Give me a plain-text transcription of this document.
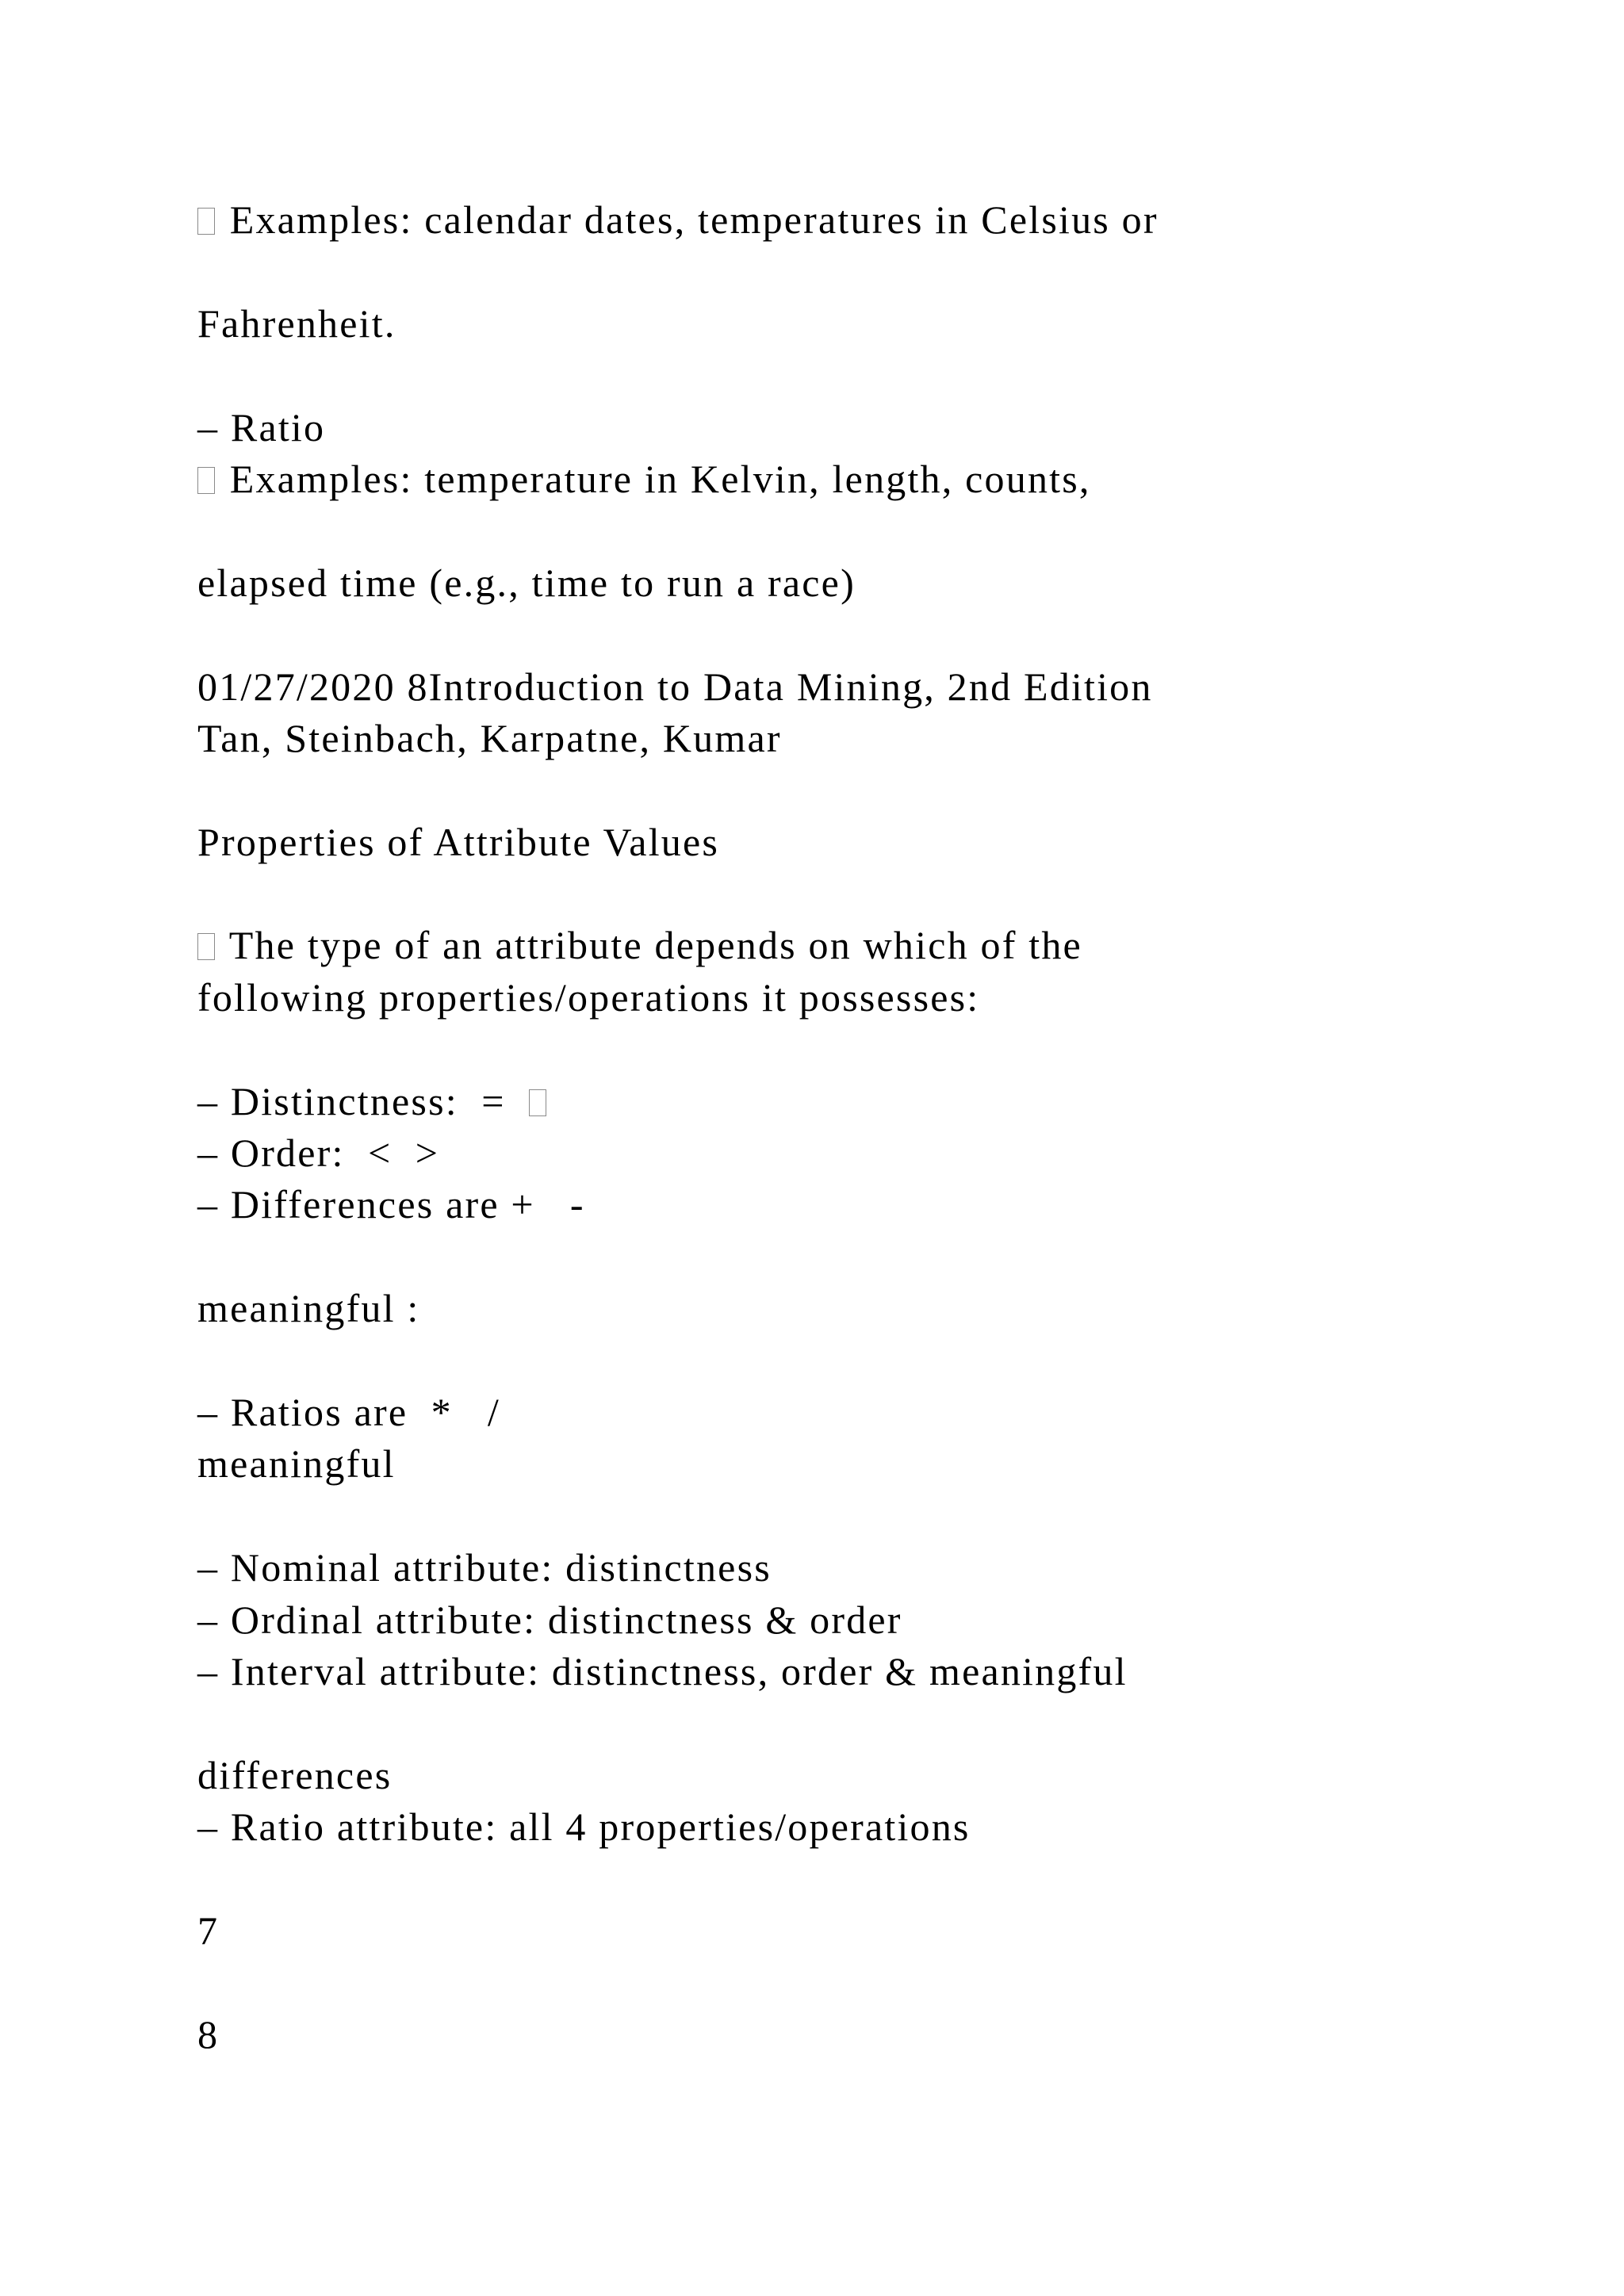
Examples: calendar dates, temperatures in Celsius or
Fahrenheit.
– Ratio
Examples: temperature in Kelvin, length, counts,
elapsed time (e.g., time to run a race)
01/27/2020 8Introduction to Data Mining, 2nd Edition
Tan, Steinbach, Karpatne, Kumar
Properties of Attribute Values
The type of an attribute depends on which of the
following properties/operations it possesses:
– Distinctness:  =
– Order:  <  >
– Differences are +   -
meaningful :
– Ratios are  *   /
meaningful
– Nominal attribute: distinctness
– Ordinal attribute: distinctness & order
– Interval attribute: distinctness, order & meaningful
differences
– Ratio attribute: all 4 properties/operations
7
8
